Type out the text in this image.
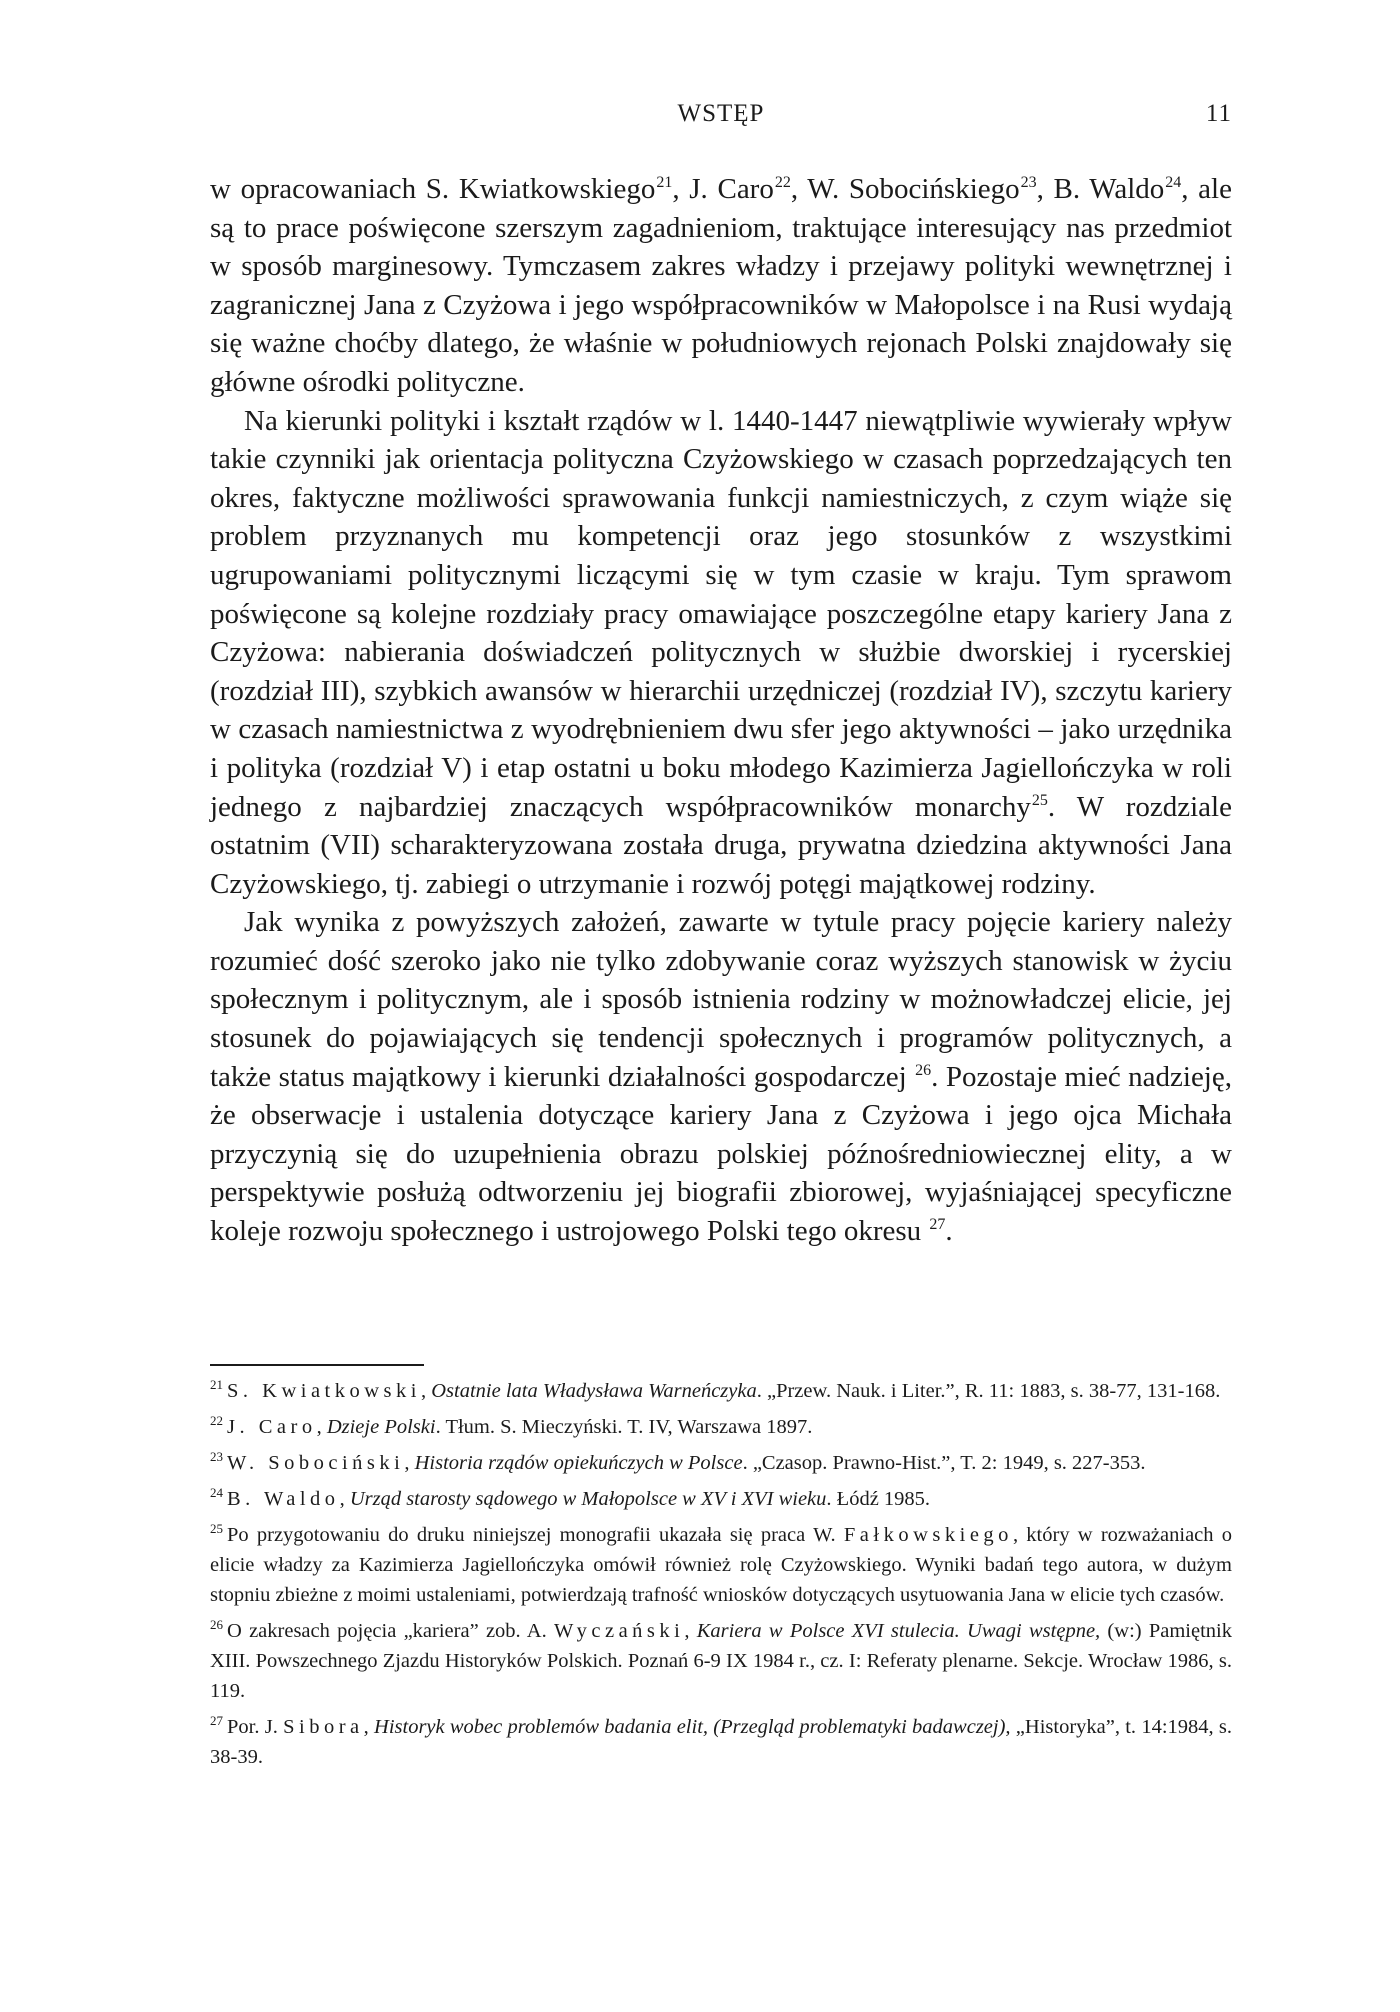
WSTĘP	11

w opracowaniach S. Kwiatkowskiego$^{21}$, J. Caro$^{22}$, W. Sobocińskiego$^{23}$, B. Waldo$^{24}$, ale są to prace poświęcone szerszym zagadnieniom, traktujące interesujący nas przedmiot w sposób marginesowy. Tymczasem zakres władzy i przejawy polityki wewnętrznej i zagranicznej Jana z Czyżowa i jego współpracowników w Małopolsce i na Rusi wydają się ważne choćby dlatego, że właśnie w południowych rejonach Polski znajdowały się główne ośrodki polityczne.

Na kierunki polityki i kształt rządów w l. 1440-1447 niewątpliwie wywierały wpływ takie czynniki jak orientacja polityczna Czyżowskiego w czasach poprzedzających ten okres, faktyczne możliwości sprawowania funkcji namiestniczych, z czym wiąże się problem przyznanych mu kompetencji oraz jego stosunków z wszystkimi ugrupowaniami politycznymi liczącymi się w tym czasie w kraju. Tym sprawom poświęcone są kolejne rozdziały pracy omawiające poszczególne etapy kariery Jana z Czyżowa: nabierania doświadczeń politycznych w służbie dworskiej i rycerskiej (rozdział III), szybkich awansów w hierarchii urzędniczej (rozdział IV), szczytu kariery w czasach namiestnictwa z wyodrębnieniem dwu sfer jego aktywności – jako urzędnika i polityka (rozdział V) i etap ostatni u boku młodego Kazimierza Jagiellończyka w roli jednego z najbardziej znaczących współpracowników monarchy$^{25}$. W rozdziale ostatnim (VII) scharakteryzowana została druga, prywatna dziedzina aktywności Jana Czyżowskiego, tj. zabiegi o utrzymanie i rozwój potęgi majątkowej rodziny.

Jak wynika z powyższych założeń, zawarte w tytule pracy pojęcie kariery należy rozumieć dość szeroko jako nie tylko zdobywanie coraz wyższych stanowisk w życiu społecznym i politycznym, ale i sposób istnienia rodziny w możnowładczej elicie, jej stosunek do pojawiających się tendencji społecznych i programów politycznych, a także status majątkowy i kierunki działalności gospodarczej $^{26}$. Pozostaje mieć nadzieję, że obserwacje i ustalenia dotyczące kariery Jana z Czyżowa i jego ojca Michała przyczynią się do uzupełnienia obrazu polskiej późnośredniowiecznej elity, a w perspektywie posłużą odtworzeniu jej biografii zbiorowej, wyjaśniającej specyficzne koleje rozwoju społecznego i ustrojowego Polski tego okresu $^{27}$.

$^{21}$ S. Kwiatkowski, Ostatnie lata Władysława Warneńczyka. „Przew. Nauk. i Liter.”, R. 11: 1883, s. 38-77, 131-168.

$^{22}$ J. Caro, Dzieje Polski. Tłum. S. Mieczyński. T. IV, Warszawa 1897.

$^{23}$ W. Sobociński, Historia rządów opiekuńczych w Polsce. „Czasop. Prawno-Hist.”, T. 2: 1949, s. 227-353.

$^{24}$ B. Waldo, Urząd starosty sądowego w Małopolsce w XV i XVI wieku. Łódź 1985.

$^{25}$ Po przygotowaniu do druku niniejszej monografii ukazała się praca W. Fałkowskiego, który w rozważaniach o elicie władzy za Kazimierza Jagiellończyka omówił również rolę Czyżowskiego. Wyniki badań tego autora, w dużym stopniu zbieżne z moimi ustaleniami, potwierdzają trafność wniosków dotyczących usytuowania Jana w elicie tych czasów.

$^{26}$ O zakresach pojęcia „kariera” zob. A. Wyczański, Kariera w Polsce XVI stulecia. Uwagi wstępne, (w:) Pamiętnik XIII. Powszechnego Zjazdu Historyków Polskich. Poznań 6-9 IX 1984 r., cz. I: Referaty plenarne. Sekcje. Wrocław 1986, s. 119.

$^{27}$ Por. J. Sibora, Historyk wobec problemów badania elit, (Przegląd problematyki badawczej), „Historyka”, t. 14:1984, s. 38-39.
